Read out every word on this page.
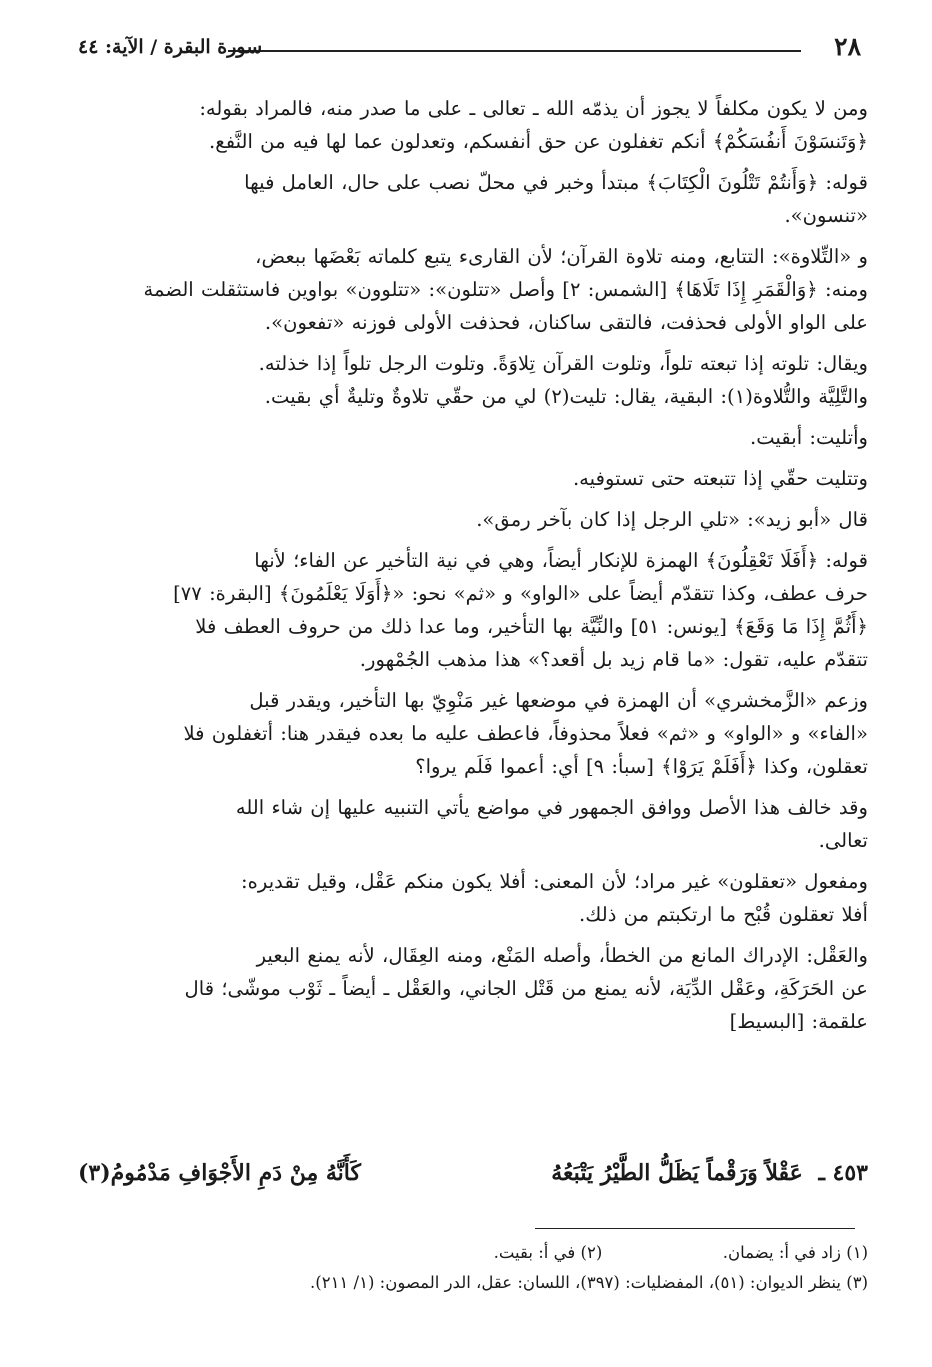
٢٨
سورة البقرة / الآية: ٤٤

ومن لا يكون مكلفاً لا يجوز أن يذمّه الله ـ تعالى ـ على ما صدر منه، فالمراد بقوله:
﴿وَتَنسَوْنَ أَنفُسَكُمْ﴾ أنكم تغفلون عن حق أنفسكم، وتعدلون عما لها فيه من النَّفع.

قوله: ﴿وَأَنتُمْ تَتْلُونَ الْكِتَابَ﴾ مبتدأ وخبر في محلّ نصب على حال، العامل فيها
«تنسون».

و «التِّلاوة»: التتابع، ومنه تلاوة القرآن؛ لأن القارىء يتبع كلماته بَعْضَها ببعض،
ومنه: ﴿وَالْقَمَرِ إِذَا تَلَاهَا﴾ [الشمس: ٢] وأصل «تتلون»: «تتلوون» بواوين فاستثقلت الضمة
على الواو الأولى فحذفت، فالتقى ساكنان، فحذفت الأولى فوزنه «تفعون».

ويقال: تلوته إذا تبعته تلواً، وتلوت القرآن تِلاوَةً. وتلوت الرجل تلواً إذا خذلته.
والتَّلِيَّة والتُّلاوة(١): البقية، يقال: تليت(٢) لي من حقّي تلاوةٌ وتليةٌ أي بقيت.

وأتليت: أبقيت.

وتتليت حقّي إذا تتبعته حتى تستوفيه.

قال «أبو زيد»: «تلي الرجل إذا كان بآخر رمق».

قوله: ﴿أَفَلَا تَعْقِلُونَ﴾ الهمزة للإنكار أيضاً، وهي في نية التأخير عن الفاء؛ لأنها
حرف عطف، وكذا تتقدّم أيضاً على «الواو» و «ثم» نحو: «﴿أَوَلَا يَعْلَمُونَ﴾ [البقرة: ٧٧]
﴿أَثُمَّ إِذَا مَا وَقَعَ﴾ [يونس: ٥١] والنِّيَّة بها التأخير، وما عدا ذلك من حروف العطف فلا
تتقدّم عليه، تقول: «ما قام زيد بل أقعد؟» هذا مذهب الجُمْهور.

وزعم «الزَّمخشري» أن الهمزة في موضعها غير مَنْوِيّ بها التأخير، ويقدر قبل
«الفاء» و «الواو» و «ثم» فعلاً محذوفاً، فاعطف عليه ما بعده فيقدر هنا: أتغفلون فلا
تعقلون، وكذا ﴿أَفَلَمْ يَرَوْا﴾ [سبأ: ٩] أي: أعموا فَلَم يروا؟

وقد خالف هذا الأصل ووافق الجمهور في مواضع يأتي التنبيه عليها إن شاء الله
تعالى.

ومفعول «تعقلون» غير مراد؛ لأن المعنى: أفلا يكون منكم عَقْل، وقيل تقديره:
أفلا تعقلون قُبْح ما ارتكبتم من ذلك.

والعَقْل: الإدراك المانع من الخطأ، وأصله المَنْع، ومنه العِقَال، لأنه يمنع البعير
عن الحَرَكَةِ، وعَقْل الدِّيَة، لأنه يمنع من قَتْل الجاني، والعَقْل ـ أيضاً ـ ثَوْب موشّى؛ قال
علقمة: [البسيط]

٤٥٣ ـ عَقْلاً وَرَقْماً يَظَلُّ الطَّيْرُ يَتْبَعُهُ
كَأَنَّهُ مِنْ دَمِ الأَجْوَافِ مَدْمُومُ(٣)
(١) زاد في أ: يضمان.  (٢) في أ: بقيت.
(٣) ينظر الديوان: (٥١)، المفضليات: (٣٩٧)، اللسان: عقل، الدر المصون: (١/ ٢١١).
